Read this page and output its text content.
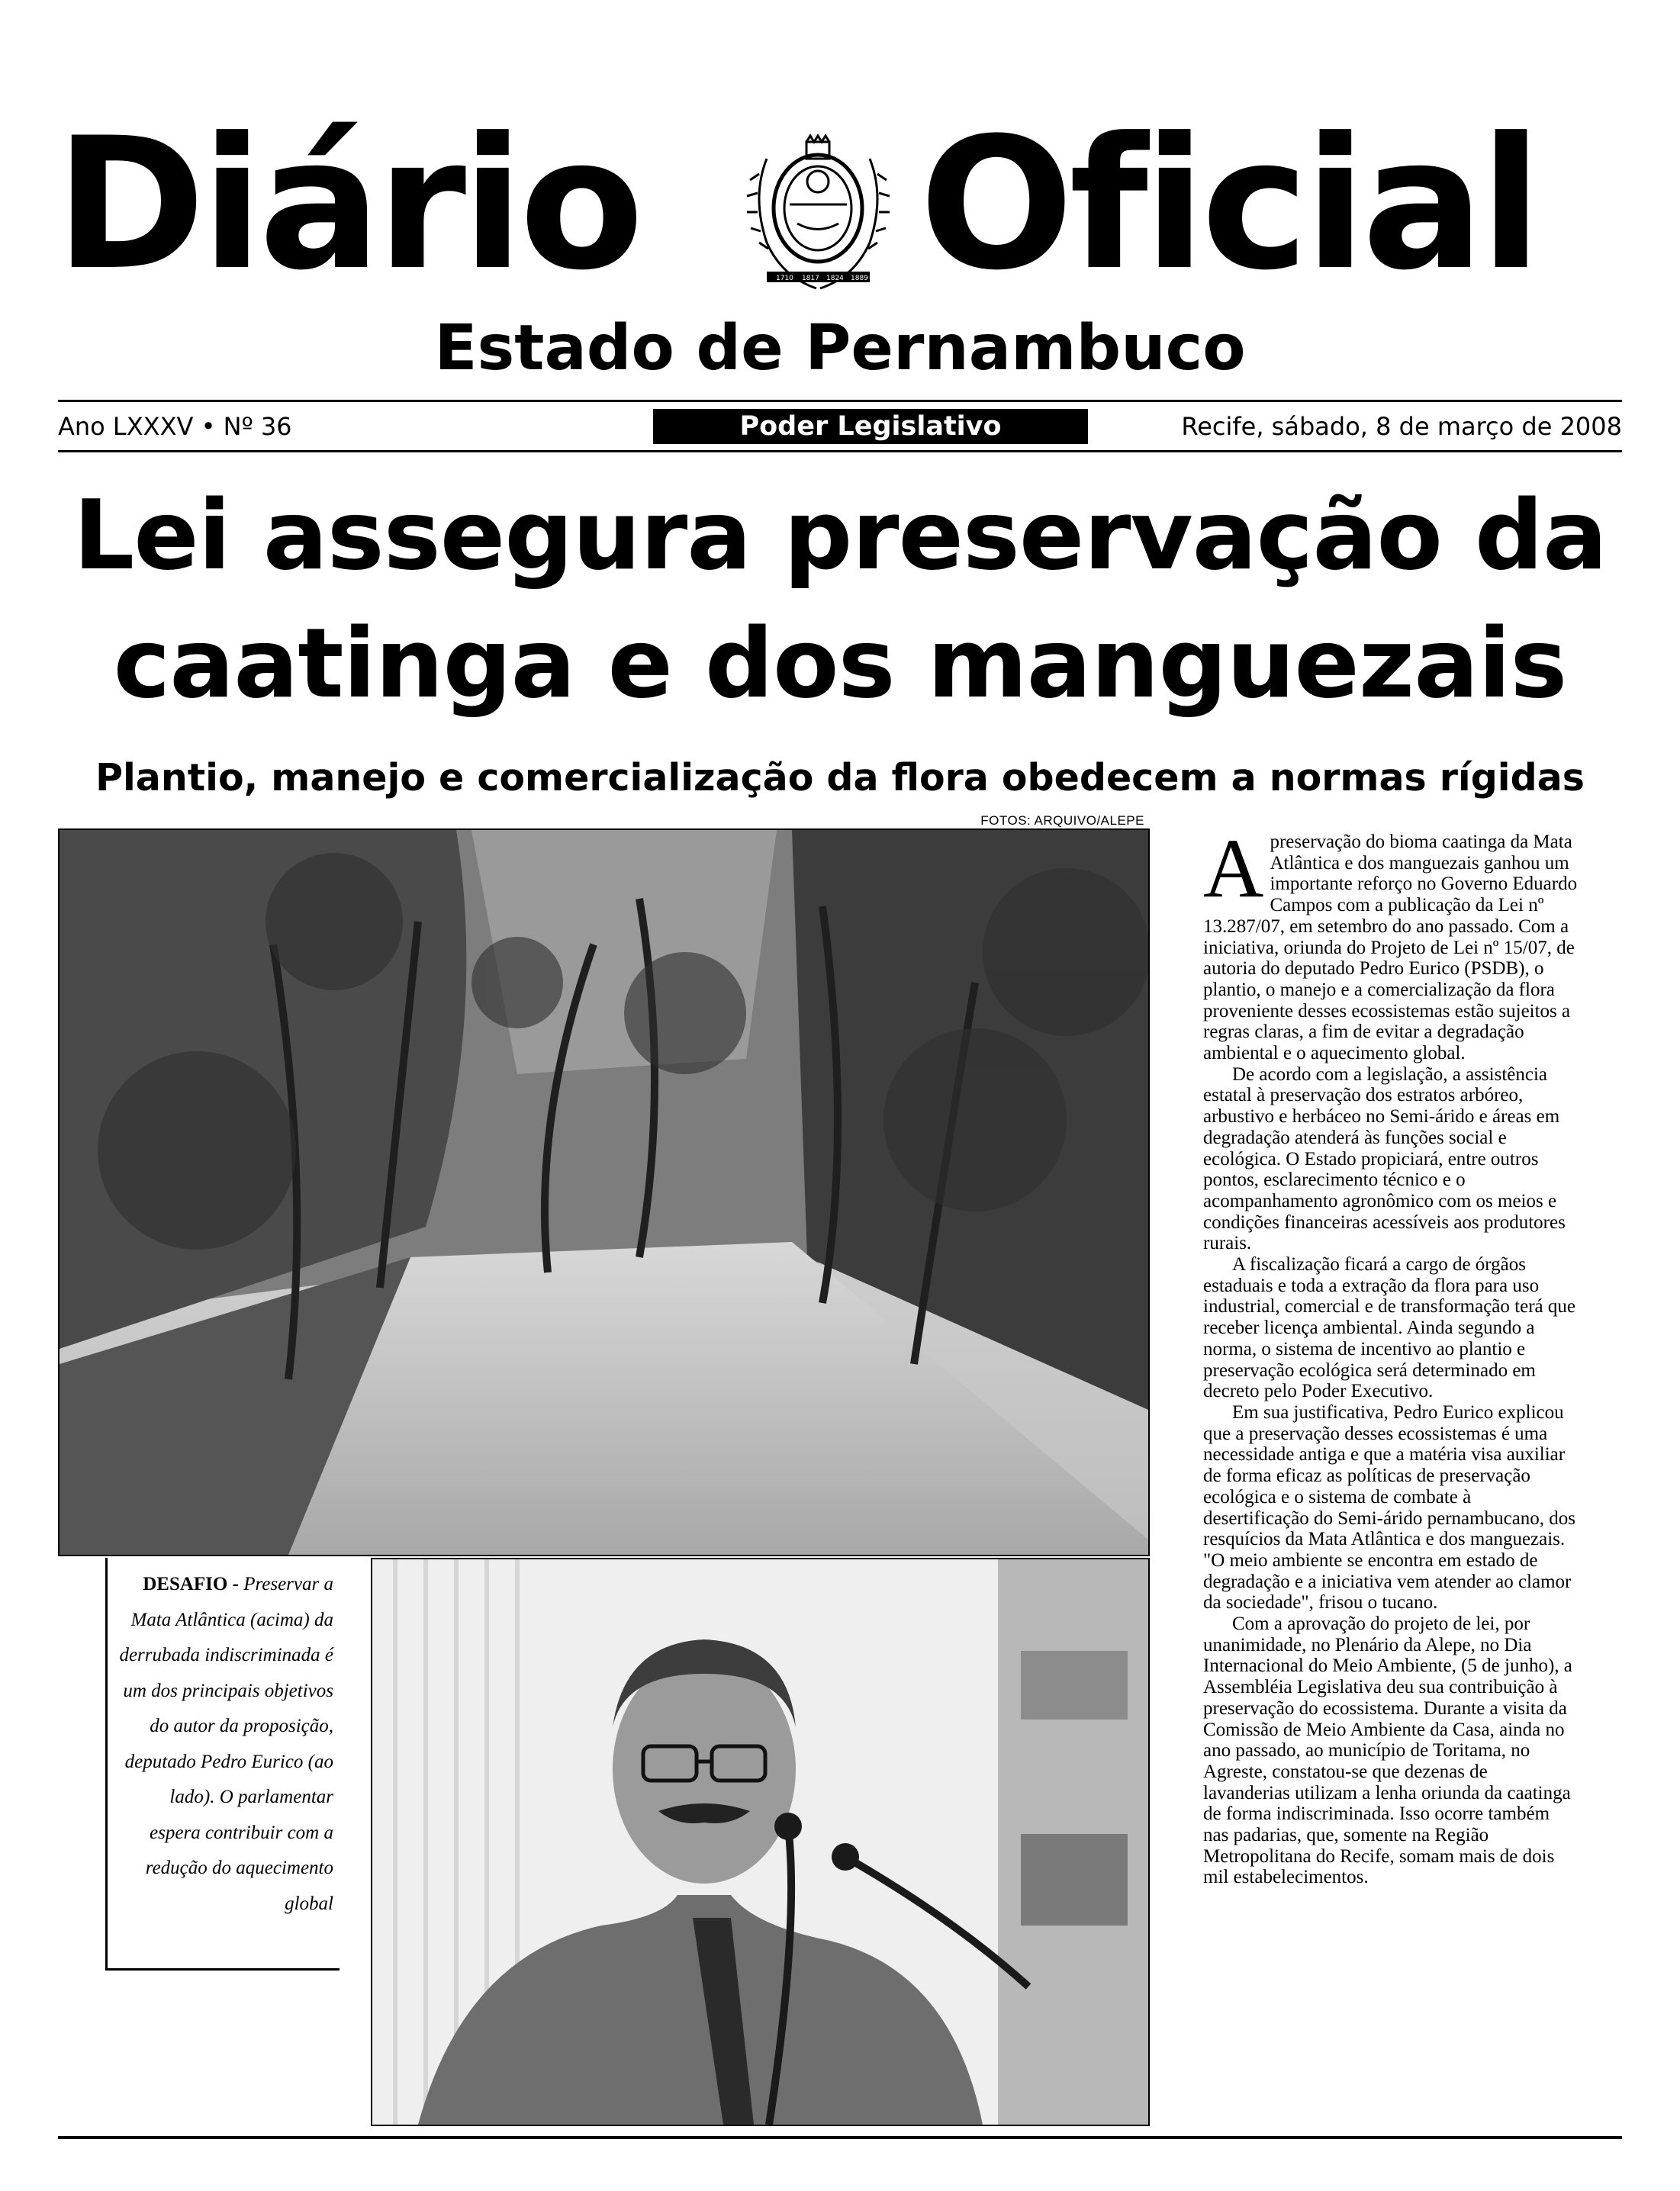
Diário	1710 1817 1824 1889 Oficial
Estado de Pernambuco
Ano LXXXV • Nº 36	Poder Legislativo	Recife, sábado, 8 de março de 2008
Lei assegura preservação da caatinga e dos manguezais
Plantio, manejo e comercialização da flora obedecem a normas rígidas
FOTOS: ARQUIVO/ALEPE
DESAFIO - Preservar a Mata Atlântica (acima) da derrubada indiscriminada é um dos principais objetivos do autor da proposição, deputado Pedro Eurico (ao lado). O parlamentar espera contribuir com a redução do aquecimento global

Apreservação do bioma caatinga da Mata Atlântica e dos manguezais ganhou um importante reforço no Governo Eduardo Campos com a publicação da Lei nº 13.287/07, em setembro do ano passado. Com a iniciativa, oriunda do Projeto de Lei nº 15/07, de autoria do deputado Pedro Eurico (PSDB), o plantio, o manejo e a comercialização da flora proveniente desses ecossistemas estão sujeitos a regras claras, a fim de evitar a degradação ambiental e o aquecimento global.

De acordo com a legislação, a assistência estatal à preservação dos estratos arbóreo, arbustivo e herbáceo no Semi-árido e áreas em degradação atenderá às funções social e ecológica. O Estado propiciará, entre outros pontos, esclarecimento técnico e o acompanhamento agronômico com os meios e condições financeiras acessíveis aos produtores rurais.

A fiscalização ficará a cargo de órgãos estaduais e toda a extração da flora para uso industrial, comercial e de transformação terá que receber licença ambiental. Ainda segundo a norma, o sistema de incentivo ao plantio e preservação ecológica será determinado em decreto pelo Poder Executivo.

Em sua justificativa, Pedro Eurico explicou que a preservação desses ecossistemas é uma necessidade antiga e que a matéria visa auxiliar de forma eficaz as políticas de preservação ecológica e o sistema de combate à desertificação do Semi-árido pernambucano, dos resquícios da Mata Atlântica e dos manguezais. "O meio ambiente se encontra em estado de degradação e a iniciativa vem atender ao clamor da sociedade", frisou o tucano.

Com a aprovação do projeto de lei, por unanimidade, no Plenário da Alepe, no Dia Internacional do Meio Ambiente, (5 de junho), a Assembléia Legislativa deu sua contribuição à preservação do ecossistema. Durante a visita da Comissão de Meio Ambiente da Casa, ainda no ano passado, ao município de Toritama, no Agreste, constatou-se que dezenas de lavanderias utilizam a lenha oriunda da caatinga de forma indiscriminada. Isso ocorre também nas padarias, que, somente na Região Metropolitana do Recife, somam mais de dois mil estabelecimentos.
